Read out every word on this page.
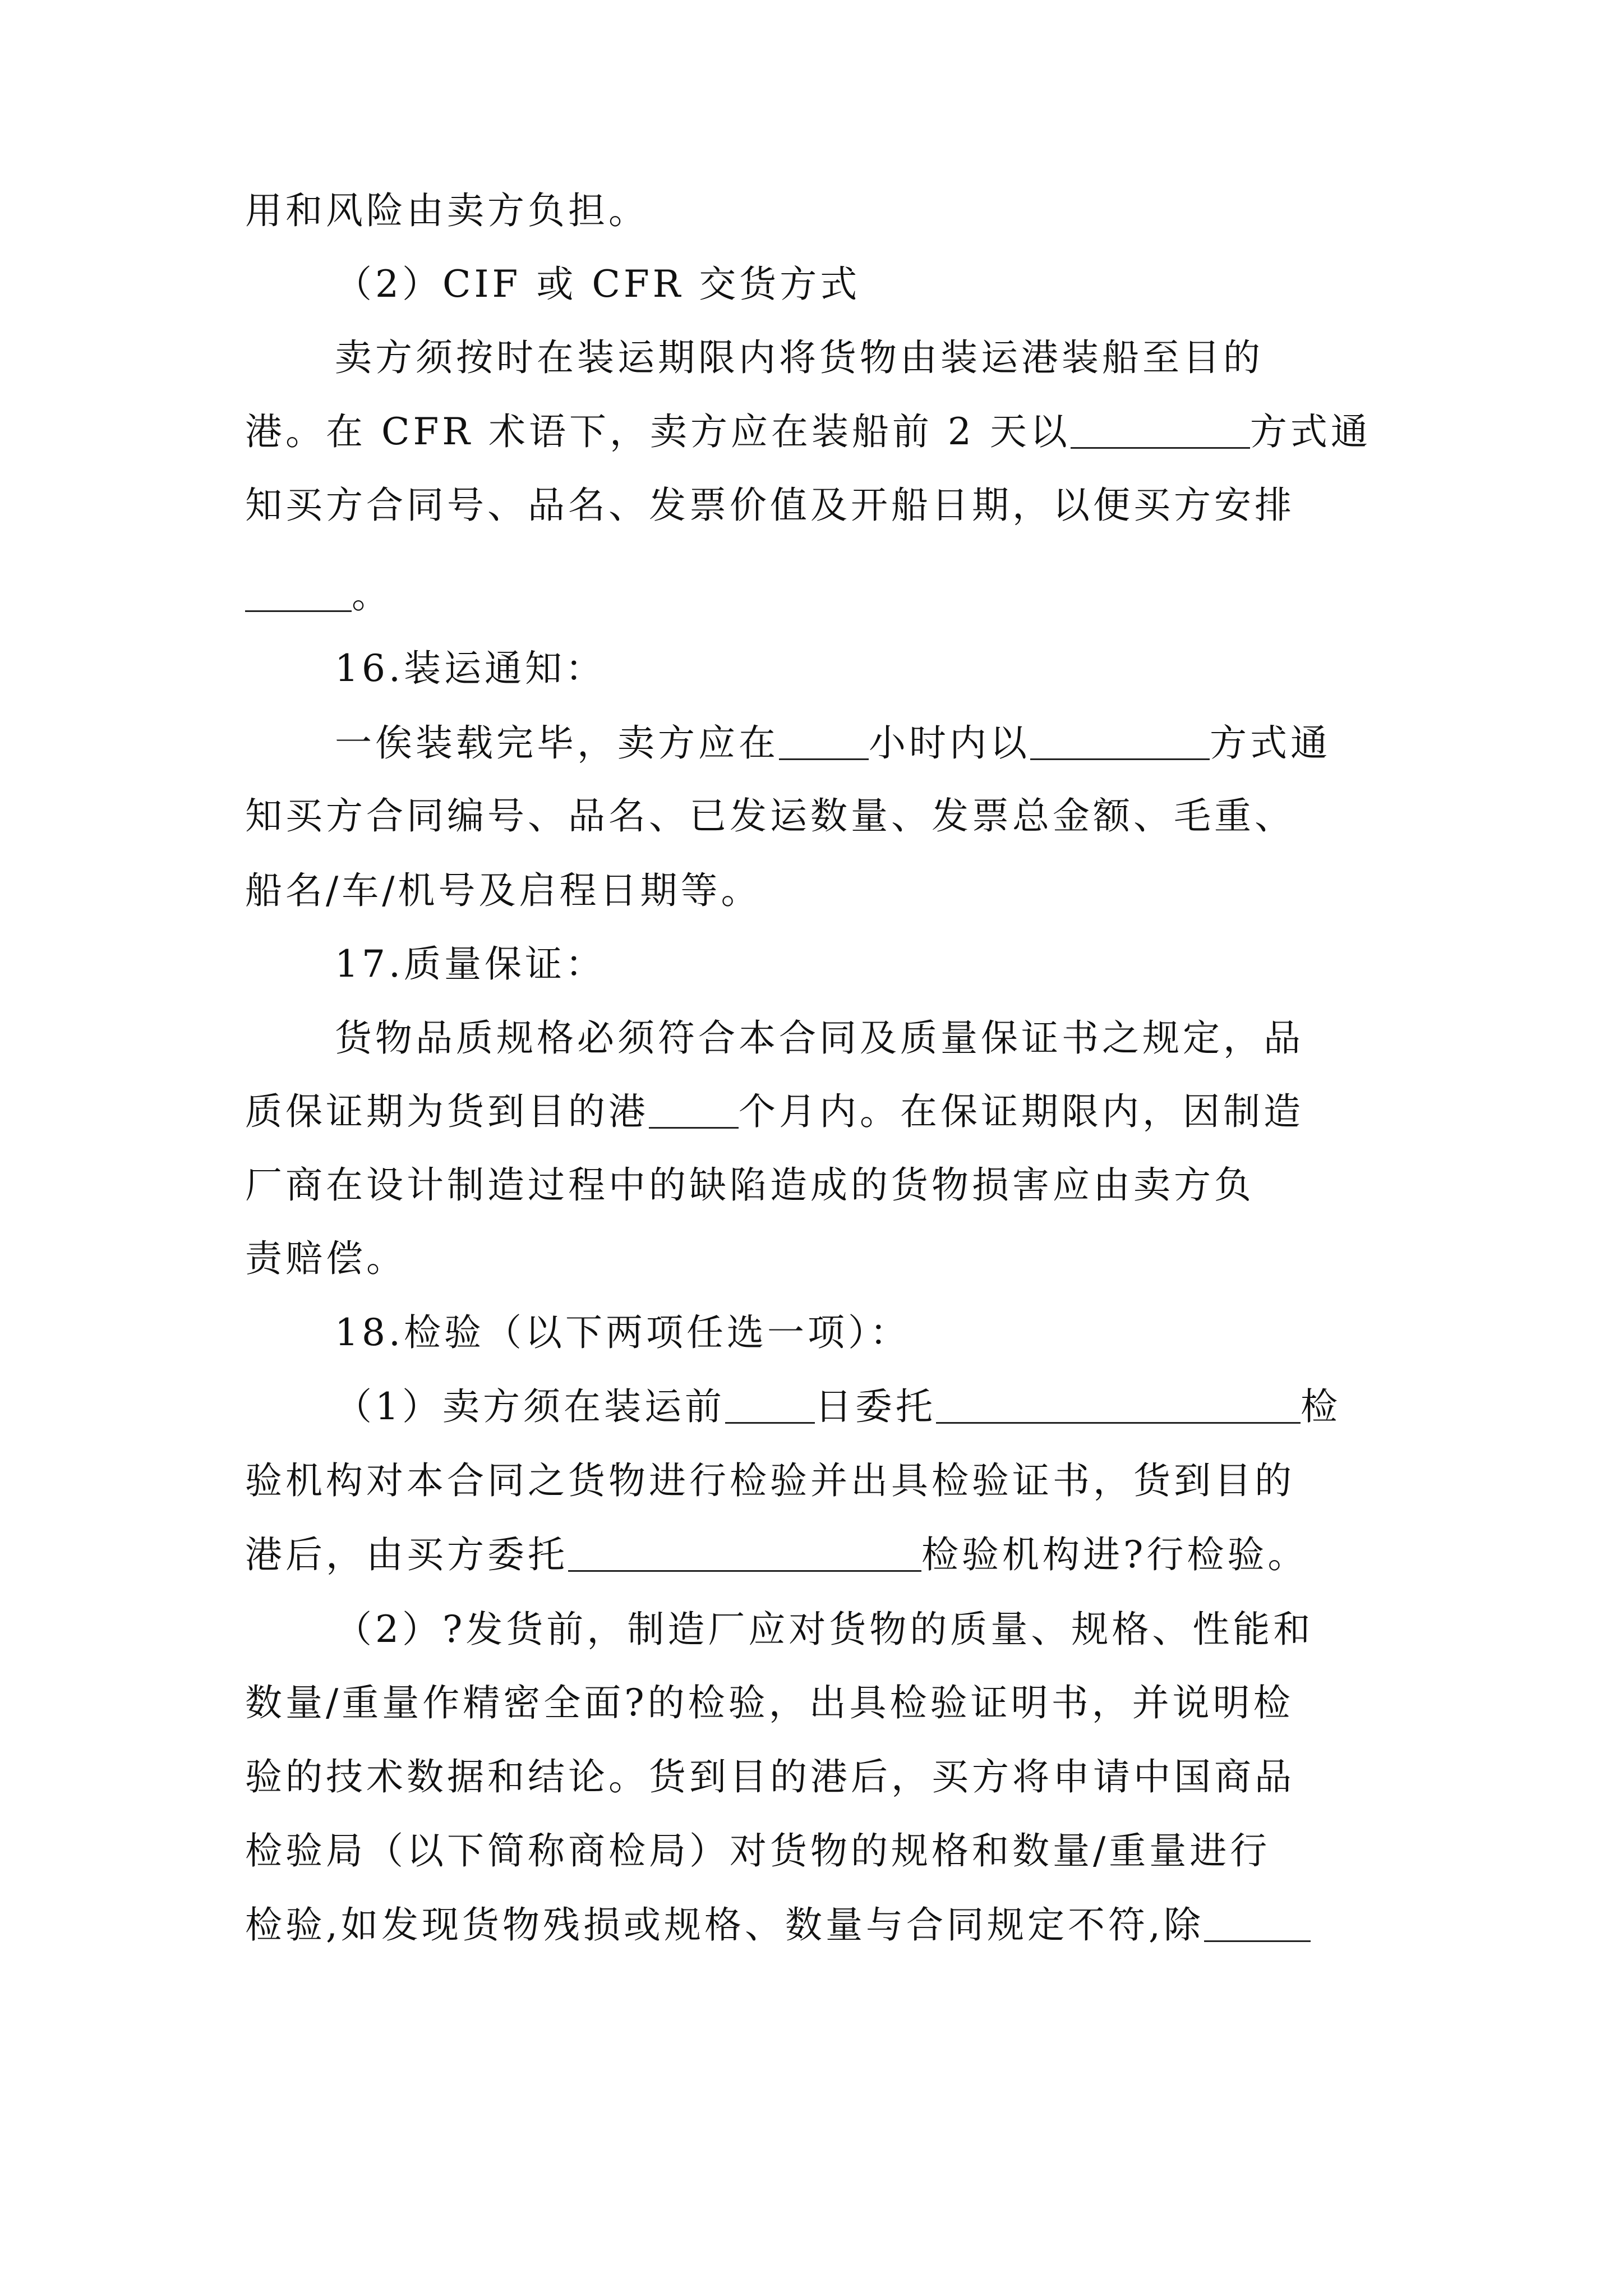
用和风险由卖方负担。
（2）CIF 或 CFR 交货方式
卖方须按时在装运期限内将货物由装运港装船至目的
港。在 CFR 术语下，卖方应在装船前 2 天以	方式通
知买方合同号、品名、发票价值及开船日期，以便买方安排
。
16.装运通知：
一俟装载完毕，卖方应在 小时内以	方式通
知买方合同编号、品名、已发运数量、发票总金额、毛重、
船名/车/机号及启程日期等。
17.质量保证：
货物品质规格必须符合本合同及质量保证书之规定，品
质保证期为货到目的港 个月内。在保证期限内，因制造
厂商在设计制造过程中的缺陷造成的货物损害应由卖方负
责赔偿。
18.检验（以下两项任选一项）：
（1）卖方须在装运前 日委托	检
验机构对本合同之货物进行检验并出具检验证书，货到目的
港后，由买方委托	检验机构进?行检验。
（2）?发货前，制造厂应对货物的质量、规格、性能和
数量/重量作精密全面?的检验，出具检验证明书，并说明检
验的技术数据和结论。货到目的港后，买方将申请中国商品
检验局（以下简称商检局）对货物的规格和数量/重量进行
检验,如发现货物残损或规格、数量与合同规定不符,除
